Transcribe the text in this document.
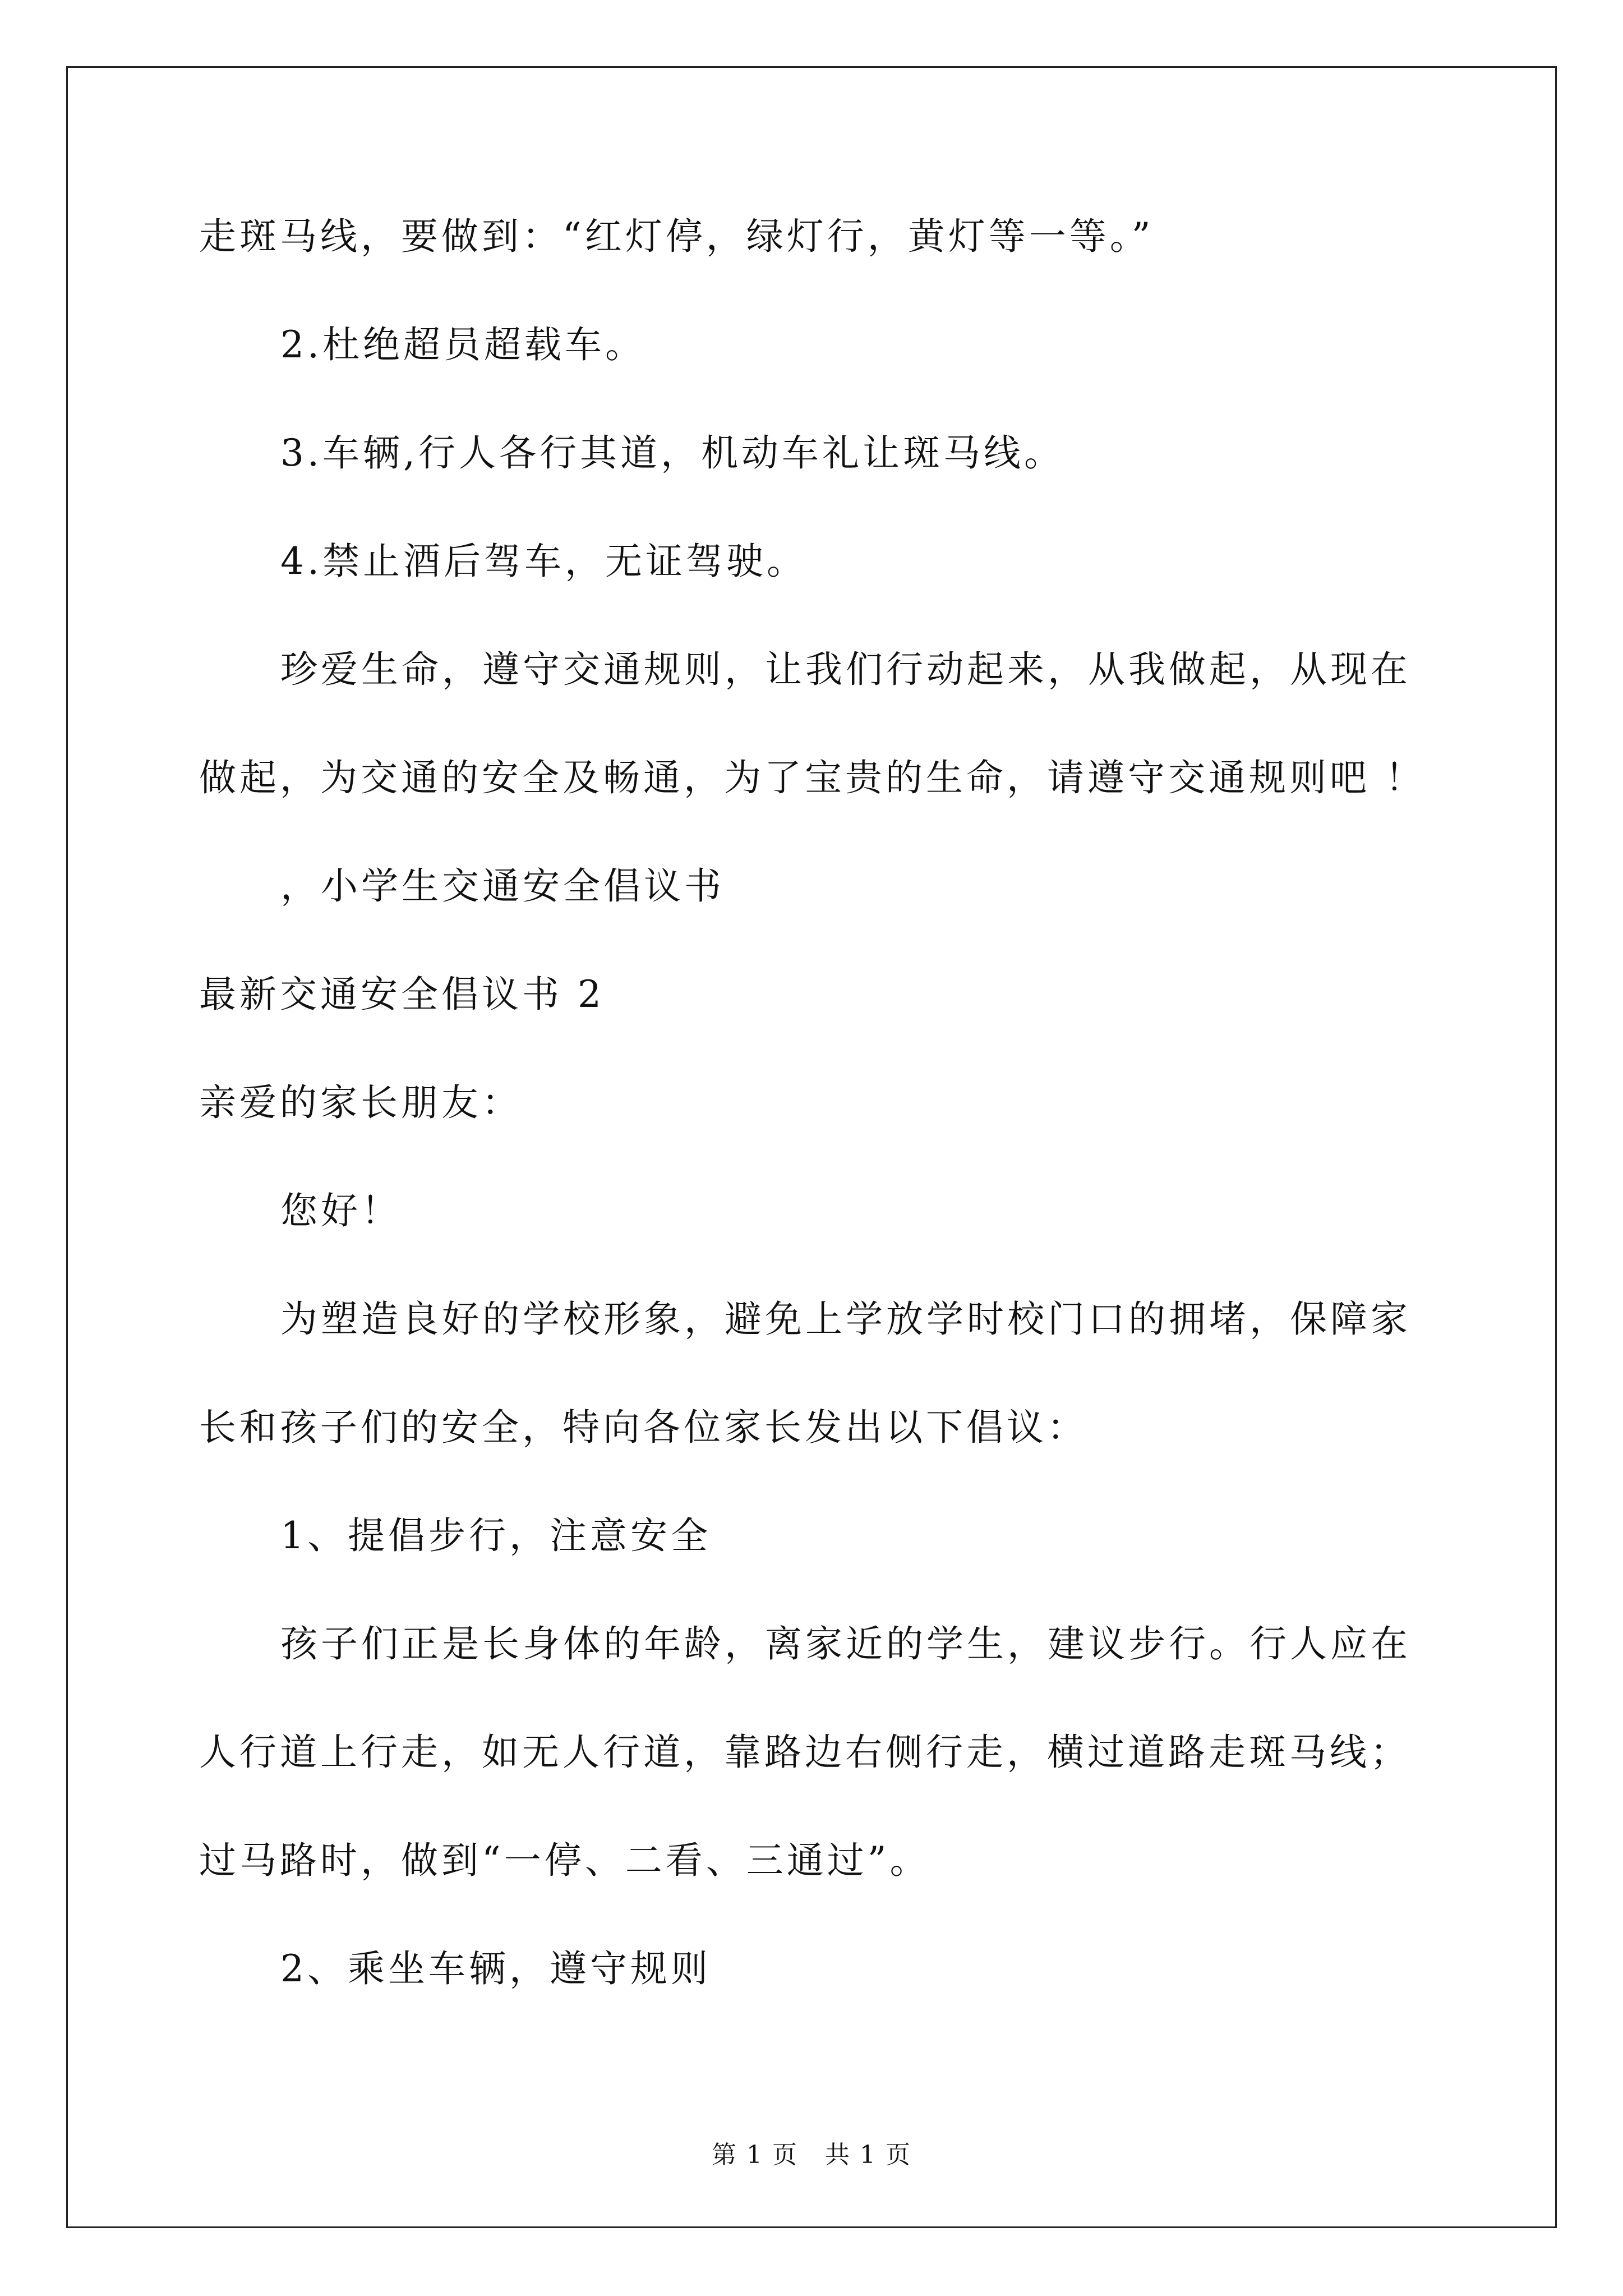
走斑马线，要做到：“红灯停，绿灯行，黄灯等一等。”
2.杜绝超员超载车。
3.车辆,行人各行其道，机动车礼让斑马线。
4.禁止酒后驾车，无证驾驶。
珍爱生命，遵守交通规则，让我们行动起来，从我做起，从现在
做起，为交通的安全及畅通，为了宝贵的生命，请遵守交通规则吧 ！
，小学生交通安全倡议书
最新交通安全倡议书 2
亲爱的家长朋友：
您好！
为塑造良好的学校形象，避免上学放学时校门口的拥堵，保障家
长和孩子们的安全，特向各位家长发出以下倡议：
1、提倡步行，注意安全
孩子们正是长身体的年龄，离家近的学生，建议步行。行人应在
人行道上行走，如无人行道，靠路边右侧行走，横过道路走斑马线；
过马路时，做到“一停、二看、三通过”。
2、乘坐车辆，遵守规则
第 1 页 共 1 页
